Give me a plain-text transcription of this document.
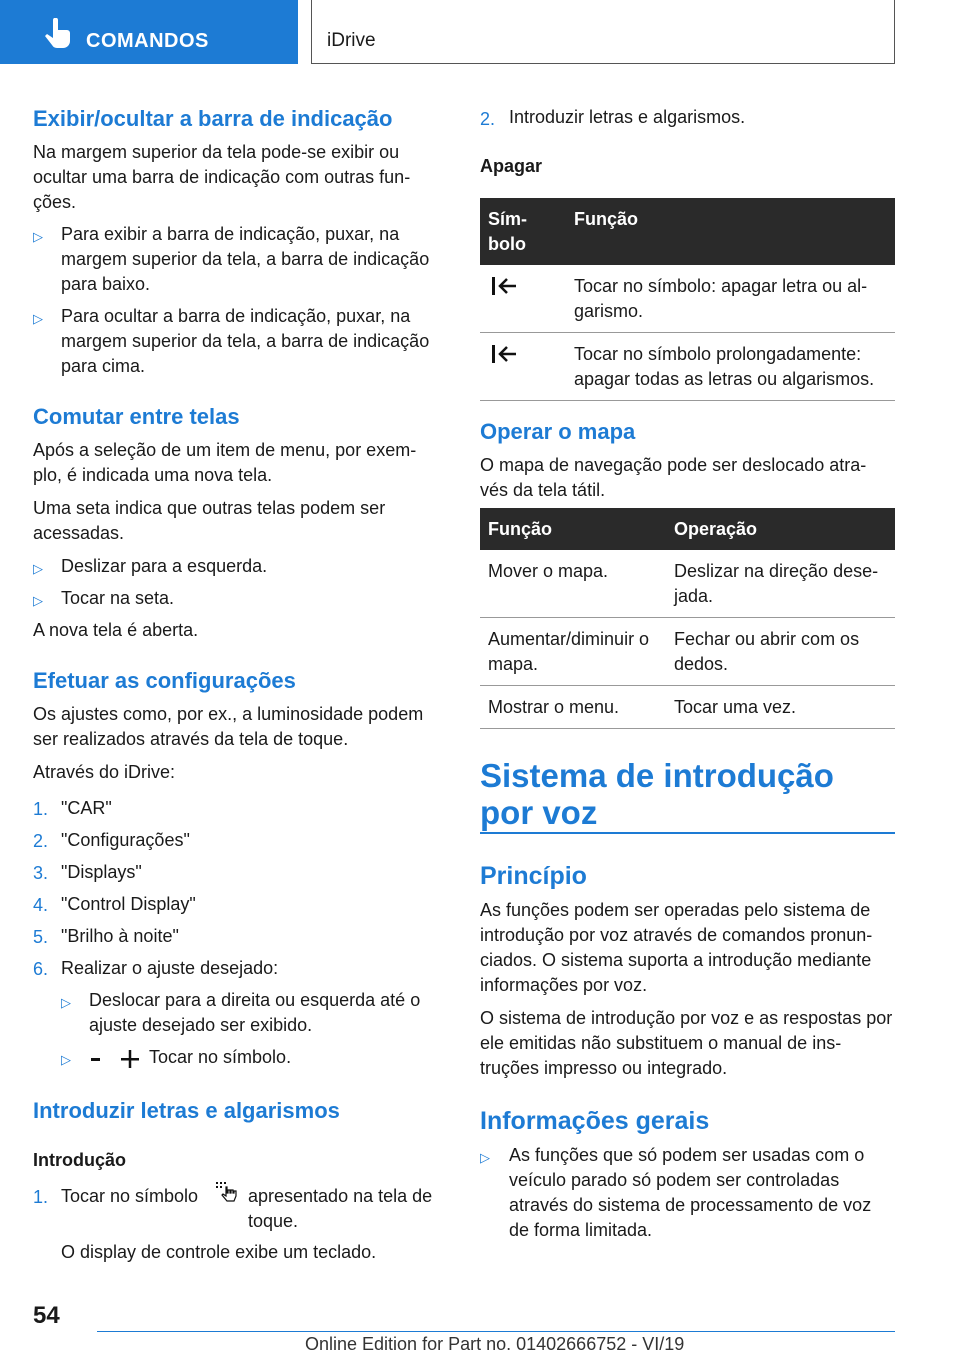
COMANDOS	iDrive
Exibir/ocultar a barra de indicação
Na margem superior da tela pode-se exibir ou ocultar uma barra de indicação com outras fun- ções.
▷ Para exibir a barra de indicação, puxar, na margem superior da tela, a barra de indicação para baixo.
▷ Para ocultar a barra de indicação, puxar, na margem superior da tela, a barra de indicação para cima.
Comutar entre telas
Após a seleção de um item de menu, por exem- plo, é indicada uma nova tela.
Uma seta indica que outras telas podem ser acessadas.
▷ Deslizar para a esquerda.
▷ Tocar na seta.
A nova tela é aberta.
Efetuar as configurações
Os ajustes como, por ex., a luminosidade podem ser realizados através da tela de toque.
Através do iDrive:
1. "CAR"
2. "Configurações"
3. "Displays"
4. "Control Display"
5. "Brilho à noite"
6. Realizar o ajuste desejado:
▷ Deslocar para a direita ou esquerda até o ajuste desejado ser exibido.
▷	Tocar no símbolo.
Introduzir letras e algarismos
Introdução
1. Tocar no símbolo	apresentado na tela de toque.
O display de controle exibe um teclado.
2. Introduzir letras e algarismos.
Apagar
Sím- bolo	Função
	Tocar no símbolo: apagar letra ou al- garismo.
	Tocar no símbolo prolongadamente: apagar todas as letras ou algarismos.
Operar o mapa
O mapa de navegação pode ser deslocado atra- vés da tela tátil.
Função	Operação
Mover o mapa.	Deslizar na direção dese- jada.
Aumentar/diminuir o mapa.	Fechar ou abrir com os dedos.
Mostrar o menu.	Tocar uma vez.
Sistema de introdução por voz
Princípio
As funções podem ser operadas pelo sistema de introdução por voz através de comandos pronun- ciados. O sistema suporta a introdução mediante informações por voz.
O sistema de introdução por voz e as respostas por ele emitidas não substituem o manual de ins- truções impresso ou integrado.
Informações gerais
▷ As funções que só podem ser usadas com o veículo parado só podem ser controladas através do sistema de processamento de voz de forma limitada.
54
Online Edition for Part no. 01402666752 - VI/19
